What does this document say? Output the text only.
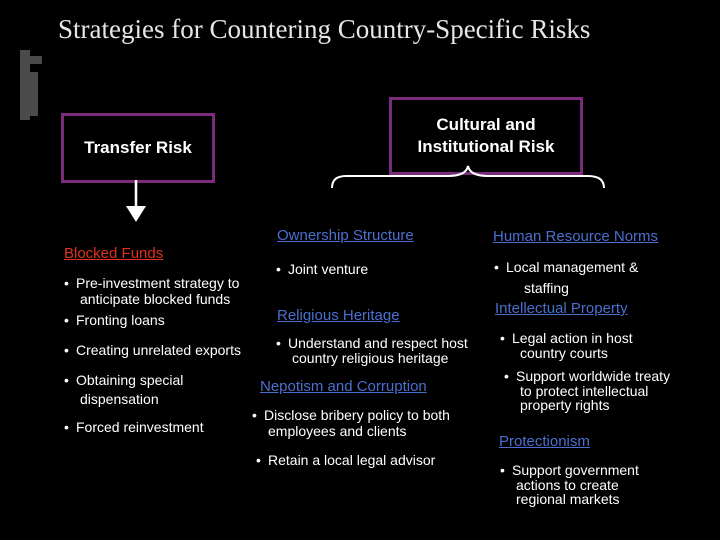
Strategies for Countering Country-Specific Risks
Transfer Risk
Cultural and
Institutional Risk
Blocked Funds
• Pre-investment strategy to
anticipate blocked funds
• Fronting loans
• Creating unrelated exports
• Obtaining special
dispensation
• Forced reinvestment
Ownership Structure
• Joint venture
Religious Heritage
• Understand and respect host
country religious heritage
Nepotism and Corruption
• Disclose bribery policy to both
employees and clients
• Retain a local legal advisor
Human Resource Norms
• Local management &
staffing
Intellectual Property
• Legal action in host
country courts
• Support worldwide treaty
to protect intellectual
property rights
Protectionism
• Support government
actions to create
regional markets
